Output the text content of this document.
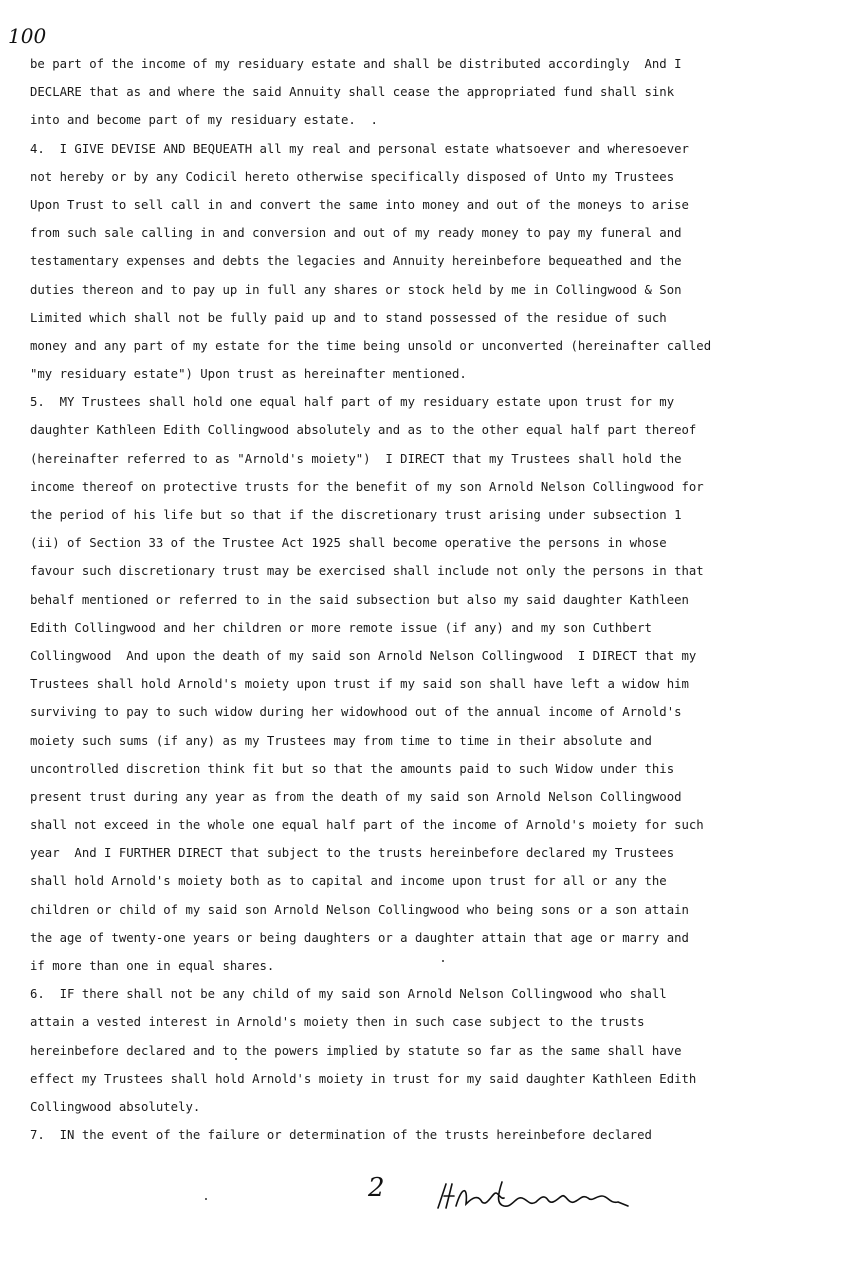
100
be part of the income of my residuary estate and shall be distributed accordingly  And I
DECLARE that as and where the said Annuity shall cease the appropriated fund shall sink
into and become part of my residuary estate.  .
4.  I GIVE DEVISE AND BEQUEATH all my real and personal estate whatsoever and wheresoever
not hereby or by any Codicil hereto otherwise specifically disposed of Unto my Trustees
Upon Trust to sell call in and convert the same into money and out of the moneys to arise
from such sale calling in and conversion and out of my ready money to pay my funeral and
testamentary expenses and debts the legacies and Annuity hereinbefore bequeathed and the
duties thereon and to pay up in full any shares or stock held by me in Collingwood & Son
Limited which shall not be fully paid up and to stand possessed of the residue of such
money and any part of my estate for the time being unsold or unconverted (hereinafter called
"my residuary estate") Upon trust as hereinafter mentioned.
5.  MY Trustees shall hold one equal half part of my residuary estate upon trust for my
daughter Kathleen Edith Collingwood absolutely and as to the other equal half part thereof
(hereinafter referred to as "Arnold's moiety")  I DIRECT that my Trustees shall hold the
income thereof on protective trusts for the benefit of my son Arnold Nelson Collingwood for
the period of his life but so that if the discretionary trust arising under subsection 1
(ii) of Section 33 of the Trustee Act 1925 shall become operative the persons in whose
favour such discretionary trust may be exercised shall include not only the persons in that
behalf mentioned or referred to in the said subsection but also my said daughter Kathleen
Edith Collingwood and her children or more remote issue (if any) and my son Cuthbert
Collingwood  And upon the death of my said son Arnold Nelson Collingwood  I DIRECT that my
Trustees shall hold Arnold's moiety upon trust if my said son shall have left a widow him
surviving to pay to such widow during her widowhood out of the annual income of Arnold's
moiety such sums (if any) as my Trustees may from time to time in their absolute and
uncontrolled discretion think fit but so that the amounts paid to such Widow under this
present trust during any year as from the death of my said son Arnold Nelson Collingwood
shall not exceed in the whole one equal half part of the income of Arnold's moiety for such
year  And I FURTHER DIRECT that subject to the trusts hereinbefore declared my Trustees
shall hold Arnold's moiety both as to capital and income upon trust for all or any the
children or child of my said son Arnold Nelson Collingwood who being sons or a son attain
the age of twenty-one years or being daughters or a daughter attain that age or marry and
if more than one in equal shares.
6.  IF there shall not be any child of my said son Arnold Nelson Collingwood who shall
attain a vested interest in Arnold's moiety then in such case subject to the trusts
hereinbefore declared and to the powers implied by statute so far as the same shall have
effect my Trustees shall hold Arnold's moiety in trust for my said daughter Kathleen Edith
Collingwood absolutely.
7.  IN the event of the failure or determination of the trusts hereinbefore declared
2
